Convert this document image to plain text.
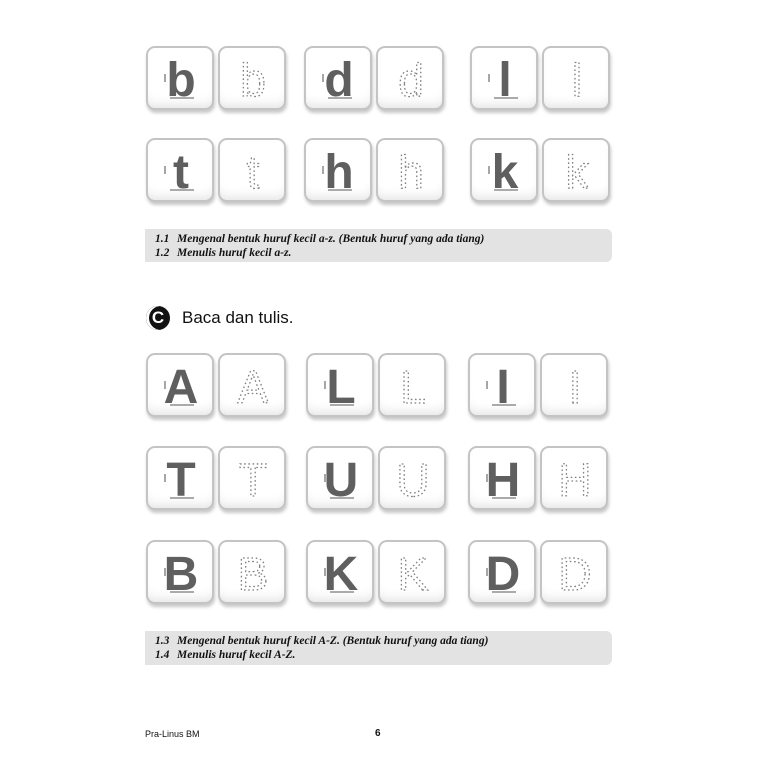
b b d d l l
t t h h k k
A A L L I I
T T U U H H
B B K K D D
1.1 Mengenal bentuk huruf kecil a-z. (Bentuk huruf yang ada tiang)
1.2 Menulis huruf kecil a-z.
C	Baca dan tulis.
1.3 Mengenal bentuk huruf kecil A-Z. (Bentuk huruf yang ada tiang)
1.4 Menulis huruf kecil A-Z.
Pra-Linus BM	6
